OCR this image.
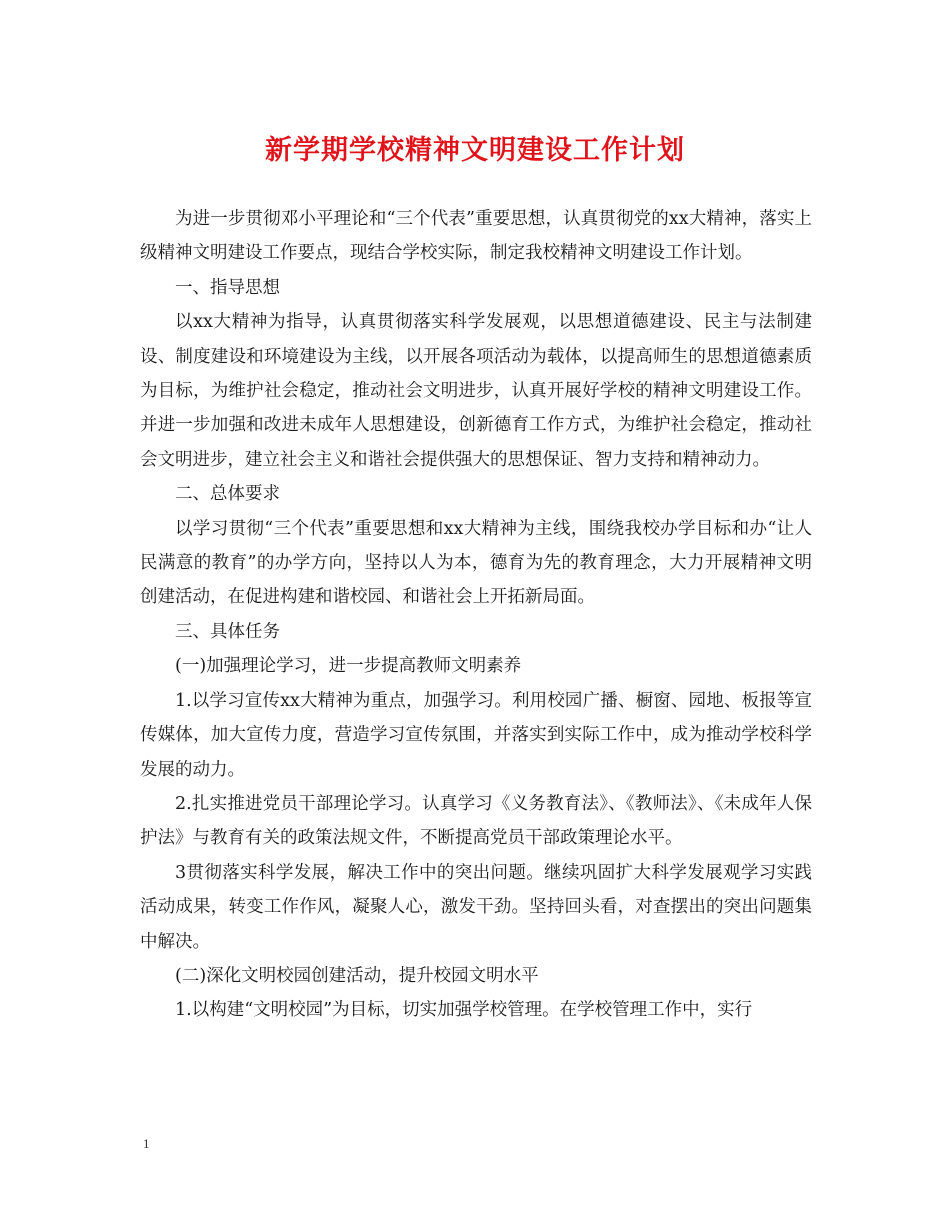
新学期学校精神文明建设工作计划

为进一步贯彻邓小平理论和“三个代表”重要思想，认真贯彻党的xx大精神，落实上级精神文明建设工作要点，现结合学校实际，制定我校精神文明建设工作计划。

一、指导思想

以xx大精神为指导，认真贯彻落实科学发展观，以思想道德建设、民主与法制建设、制度建设和环境建设为主线，以开展各项活动为载体，以提高师生的思想道德素质为目标，为维护社会稳定，推动社会文明进步，认真开展好学校的精神文明建设工作。并进一步加强和改进未成年人思想建设，创新德育工作方式，为维护社会稳定，推动社会文明进步，建立社会主义和谐社会提供强大的思想保证、智力支持和精神动力。

二、总体要求

以学习贯彻“三个代表”重要思想和xx大精神为主线，围绕我校办学目标和办“让人民满意的教育”的办学方向，坚持以人为本，德育为先的教育理念，大力开展精神文明创建活动，在促进构建和谐校园、和谐社会上开拓新局面。

三、具体任务

(一)加强理论学习，进一步提高教师文明素养

1.以学习宣传xx大精神为重点，加强学习。利用校园广播、橱窗、园地、板报等宣传媒体，加大宣传力度，营造学习宣传氛围，并落实到实际工作中，成为推动学校科学发展的动力。

2.扎实推进党员干部理论学习。认真学习《义务教育法》、《教师法》、《未成年人保护法》与教育有关的政策法规文件，不断提高党员干部政策理论水平。

3贯彻落实科学发展，解决工作中的突出问题。继续巩固扩大科学发展观学习实践活动成果，转变工作作风，凝聚人心，激发干劲。坚持回头看，对查摆出的突出问题集中解决。

(二)深化文明校园创建活动，提升校园文明水平

1.以构建“文明校园”为目标，切实加强学校管理。在学校管理工作中，实行

1
